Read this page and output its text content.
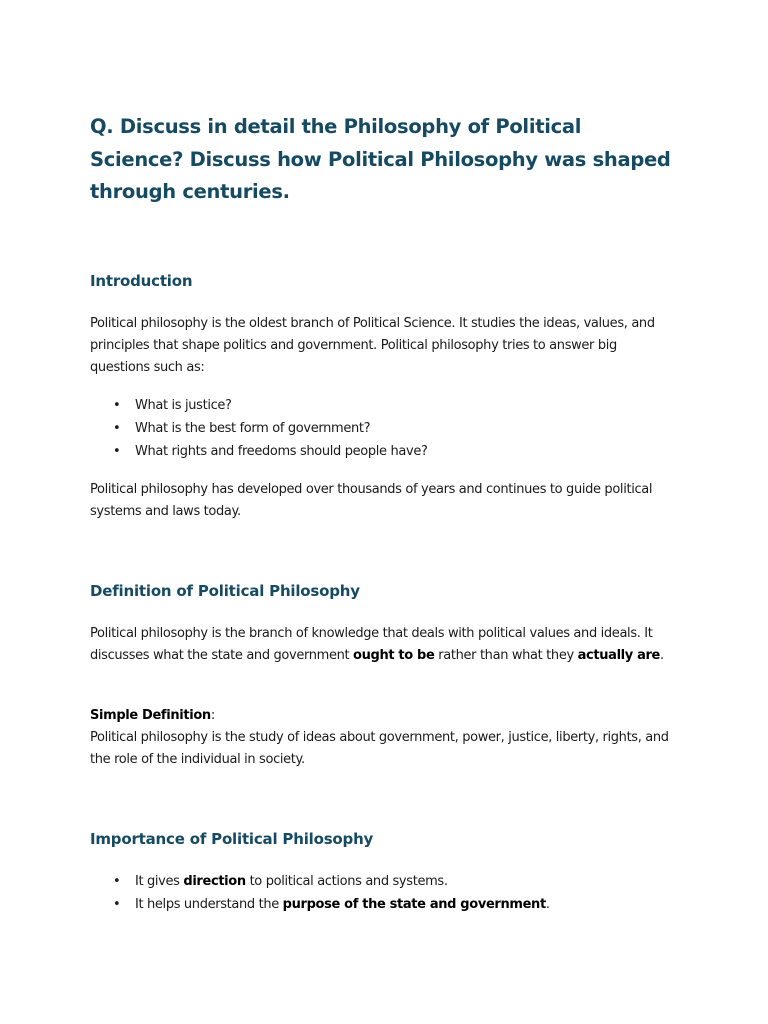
Q. Discuss in detail the Philosophy of Political Science? Discuss how Political Philosophy was shaped through centuries.
Introduction

Political philosophy is the oldest branch of Political Science. It studies the ideas, values, and principles that shape politics and government. Political philosophy tries to answer big questions such as:

• What is justice?
• What is the best form of government?
• What rights and freedoms should people have?

Political philosophy has developed over thousands of years and continues to guide political systems and laws today.

Definition of Political Philosophy

Political philosophy is the branch of knowledge that deals with political values and ideals. It discusses what the state and government ought to be rather than what they actually are.

Simple Definition:
Political philosophy is the study of ideas about government, power, justice, liberty, rights, and the role of the individual in society.

Importance of Political Philosophy
• It gives direction to political actions and systems.
• It helps understand the purpose of the state and government.
